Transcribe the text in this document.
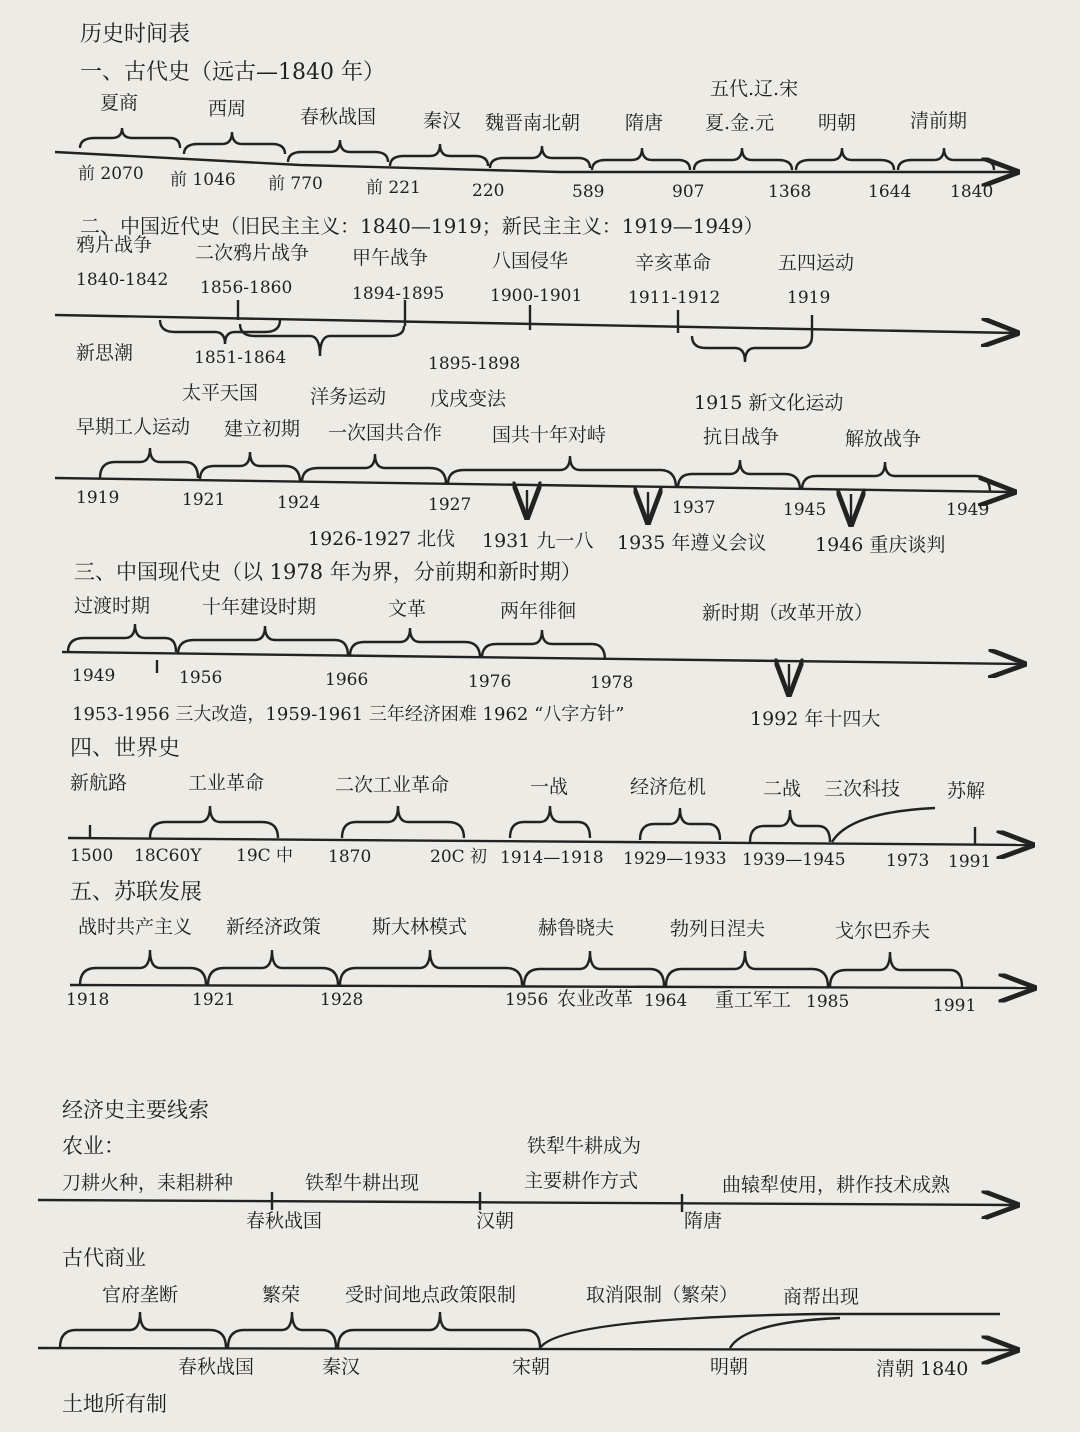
历史时间表
一、古代史（远古—1840 年）
夏商	西周	春秋战国 秦汉 魏晋南北朝 隋唐
五代.辽.宋
夏.金.元 明朝	清前期
前 2070 前 1046 前 770	前 221	220	589	907	1368	1644 1840
二、中国近代史（旧民主主义：1840—1919；新民主主义：1919—1949）
鸦片战争
1840-1842
二次鸦片战争
1856-1860
甲午战争
1894-1895
八国侵华
1900-1901
辛亥革命
1911-1912
五四运动
1919
新思潮	1851-1864	1895-1898
太平天国	洋务运动 戊戌变法	1915 新文化运动
早期工人运动 建立初期 一次国共合作	国共十年对峙	抗日战争	解放战争
1919	1921	1924	1927	1937	1945	1949
1926-1927 北伐 1931 九一八 1935 年遵义会议	1946 重庆谈判
三、中国现代史（以 1978 年为界，分前期和新时期）
过渡时期	十年建设时期	文革	两年徘徊	新时期（改革开放）
1949	1956	1966	1976	1978
1953-1956 三大改造，1959-1961 三年经济困难 1962 “八字方针”	1992 年十四大
四、世界史
新航路	工业革命	二次工业革命	一战	经济危机	二战 三次科技 苏解
1500 18C60Y 19C 中 1870	20C 初 1914—1918 1929—1933 1939—1945 1973 1991
五、苏联发展
战时共产主义 新经济政策	斯大林模式	赫鲁晓夫	勃列日涅夫	戈尔巴乔夫
1918	1921	1928	1956 农业改革 1964 重工军工 1985	1991
经济史主要线索
农业：
刀耕火种，耒耜耕种	铁犁牛耕出现
铁犁牛耕成为
主要耕作方式	曲辕犁使用，耕作技术成熟
春秋战国	汉朝	隋唐
古代商业
官府垄断	繁荣 受时间地点政策限制	取消限制（繁荣） 商帮出现
春秋战国	秦汉	宋朝	明朝	清朝 1840
土地所有制
